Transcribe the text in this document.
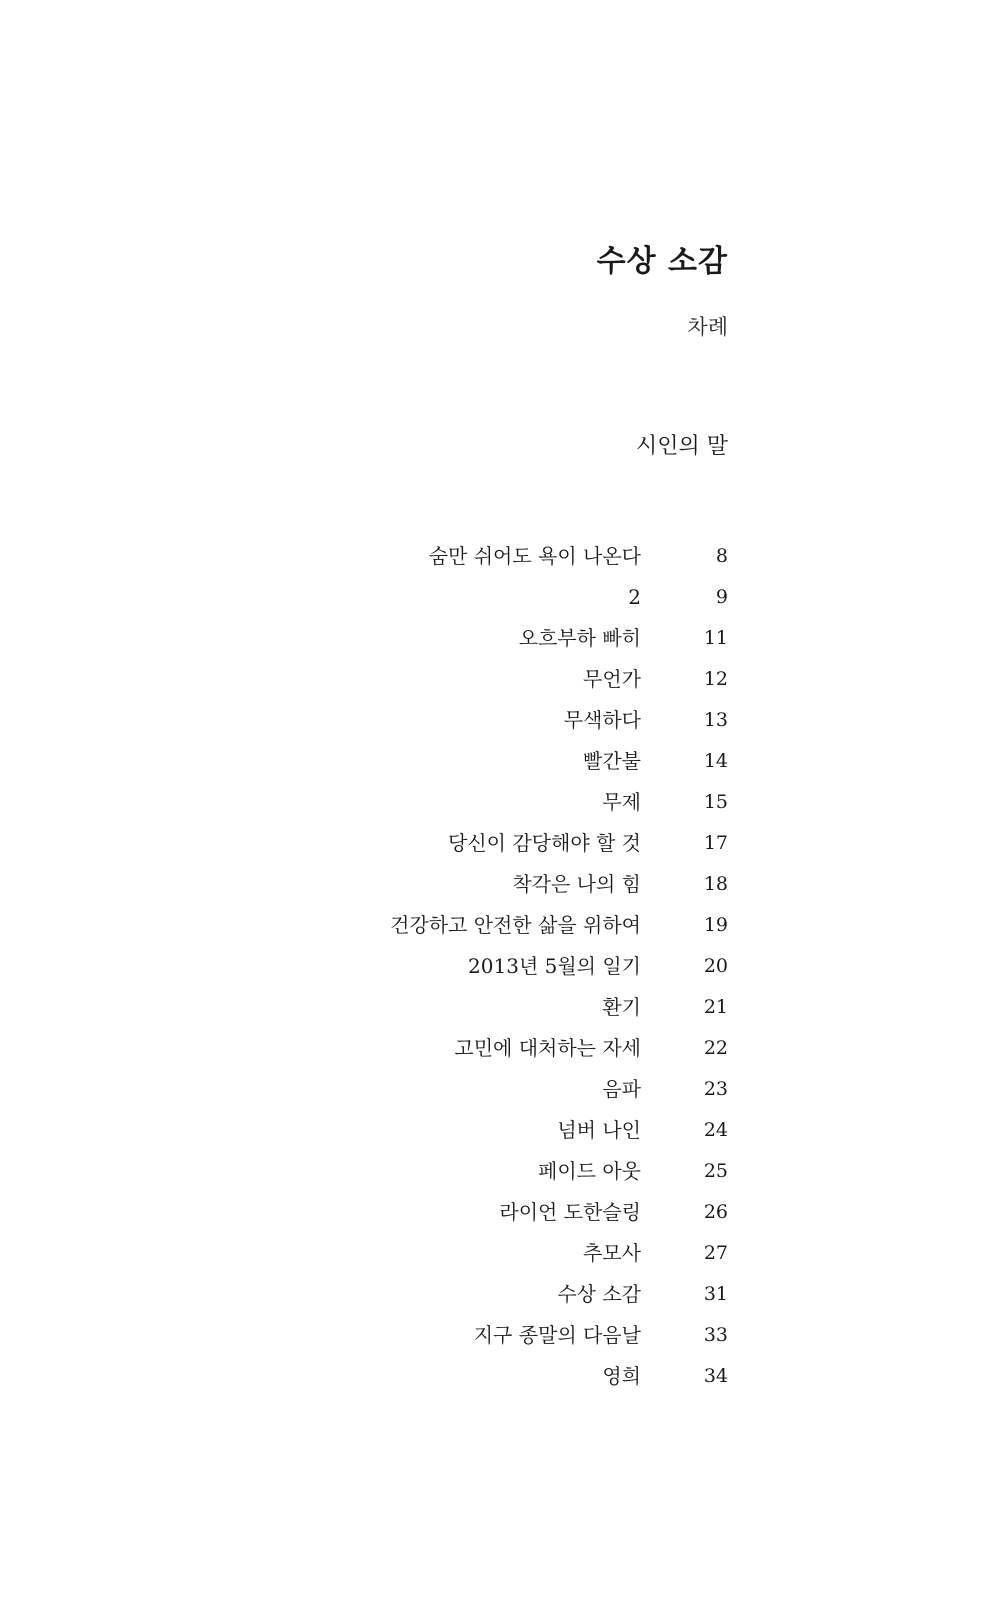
수상 소감
차례
시인의 말
숨만 쉬어도 욕이 나온다	8
2	9
오흐부하 빠히	11
무언가	12
무색하다	13
빨간불	14
무제	15
당신이 감당해야 할 것	17
착각은 나의 힘	18
건강하고 안전한 삶을 위하여	19
2013년 5월의 일기	20
환기	21
고민에 대처하는 자세	22
음파	23
넘버 나인	24
페이드 아웃	25
라이언 도한슬링	26
추모사	27
수상 소감	31
지구 종말의 다음날	33
영희	34
